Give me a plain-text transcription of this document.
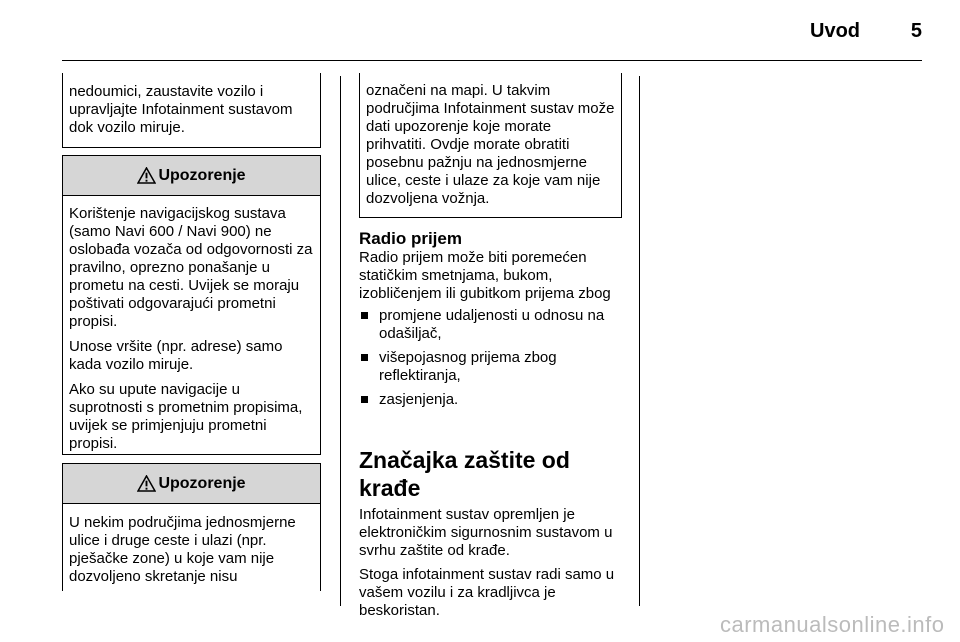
Uvod	5

nedoumici, zaustavite vozilo i upravljajte Infotainment sustavom dok vozilo miruje.

Upozorenje

Korištenje navigacijskog sustava (samo Navi 600 / Navi 900) ne oslobađa vozača od odgovornosti za pravilno, oprezno ponašanje u prometu na cesti. Uvijek se moraju poštivati odgovarajući prometni propisi.

Unose vršite (npr. adrese) samo kada vozilo miruje.

Ako su upute navigacije u suprotnosti s prometnim propisima, uvijek se primjenjuju prometni propisi.

Upozorenje

U nekim područjima jednosmjerne ulice i druge ceste i ulazi (npr. pješačke zone) u koje vam nije dozvoljeno skretanje nisu

označeni na mapi. U takvim područjima Infotainment sustav može dati upozorenje koje morate prihvatiti. Ovdje morate obratiti posebnu pažnju na jednosmjerne ulice, ceste i ulaze za koje vam nije dozvoljena vožnja.

Radio prijem

Radio prijem može biti poremećen statičkim smetnjama, bukom, izobličenjem ili gubitkom prijema zbog

promjene udaljenosti u odnosu na odašiljač,
višepojasnog prijema zbog reflektiranja,
zasjenjenja.
Značajka zaštite od krađe

Infotainment sustav opremljen je elektroničkim sigurnosnim sustavom u svrhu zaštite od krađe.

Stoga infotainment sustav radi samo u vašem vozilu i za kradljivca je beskoristan.

carmanualsonline.info
